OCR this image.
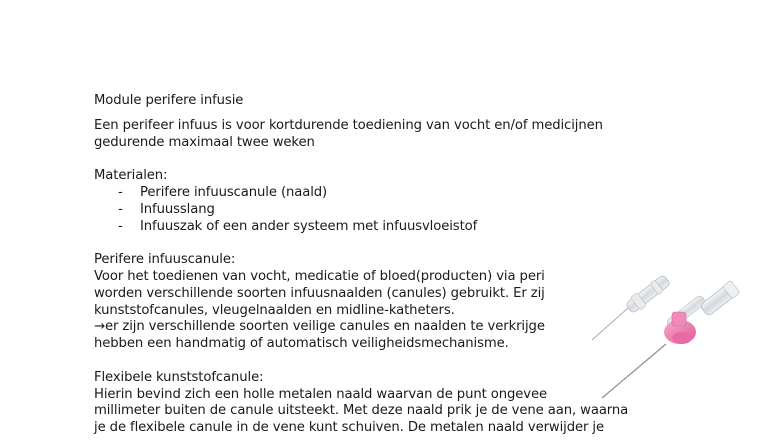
Module perifere infusie
Een perifeer infuus is voor kortdurende toediening van vocht en/of medicijnen
gedurende maximaal twee weken
Materialen:
- Perifere infuuscanule (naald)
- Infuusslang
- Infuuszak of een ander systeem met infuusvloeistof
Perifere infuuscanule:
Voor het toedienen van vocht, medicatie of bloed(producten) via peri
worden verschillende soorten infuusnaalden (canules) gebruikt. Er zij
kunststofcanules, vleugelnaalden en midline-katheters.
→er zijn verschillende soorten veilige canules en naalden te verkrijge
hebben een handmatig of automatisch veiligheidsmechanisme.
Flexibele kunststofcanule:
Hierin bevind zich een holle metalen naald waarvan de punt ongevee
millimeter buiten de canule uitsteekt. Met deze naald prik je de vene aan, waarna
je de flexibele canule in de vene kunt schuiven. De metalen naald verwijder je
